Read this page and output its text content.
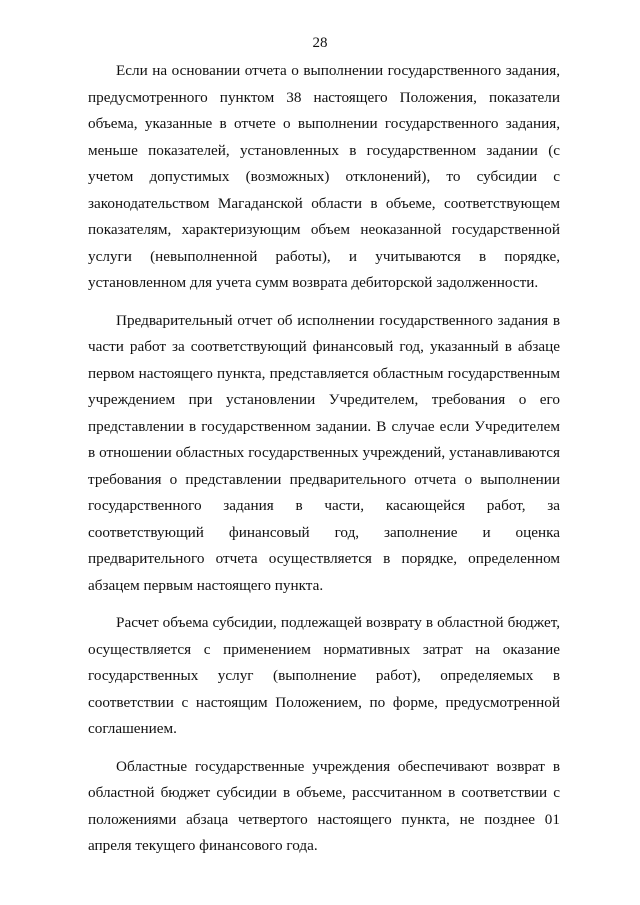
28

Если на основании отчета о выполнении государственного задания, предусмотренного пунктом 38 настоящего Положения, показатели объема, указанные в отчете о выполнении государственного задания, меньше показателей, установленных в государственном задании (с учетом допустимых (возможных) отклонений), то субсидии с законодательством Магаданской области в объеме, соответствующем показателям, характеризующим объем неоказанной государственной услуги (невыполненной работы), и учитываются в порядке, установленном для учета сумм возврата дебиторской задолженности.

Предварительный отчет об исполнении государственного задания в части работ за соответствующий финансовый год, указанный в абзаце первом настоящего пункта, представляется областным государственным учреждением при установлении Учредителем, требования о его представлении в государственном задании. В случае если Учредителем в отношении областных государственных учреждений, устанавливаются требования о представлении предварительного отчета о выполнении государственного задания в части, касающейся работ, за соответствующий финансовый год, заполнение и оценка предварительного отчета осуществляется в порядке, определенном абзацем первым настоящего пункта.

Расчет объема субсидии, подлежащей возврату в областной бюджет, осуществляется с применением нормативных затрат на оказание государственных услуг (выполнение работ), определяемых в соответствии с настоящим Положением, по форме, предусмотренной соглашением.

Областные государственные учреждения обеспечивают возврат в областной бюджет субсидии в объеме, рассчитанном в соответствии с положениями абзаца четвертого настоящего пункта, не позднее 01 апреля текущего финансового года.
